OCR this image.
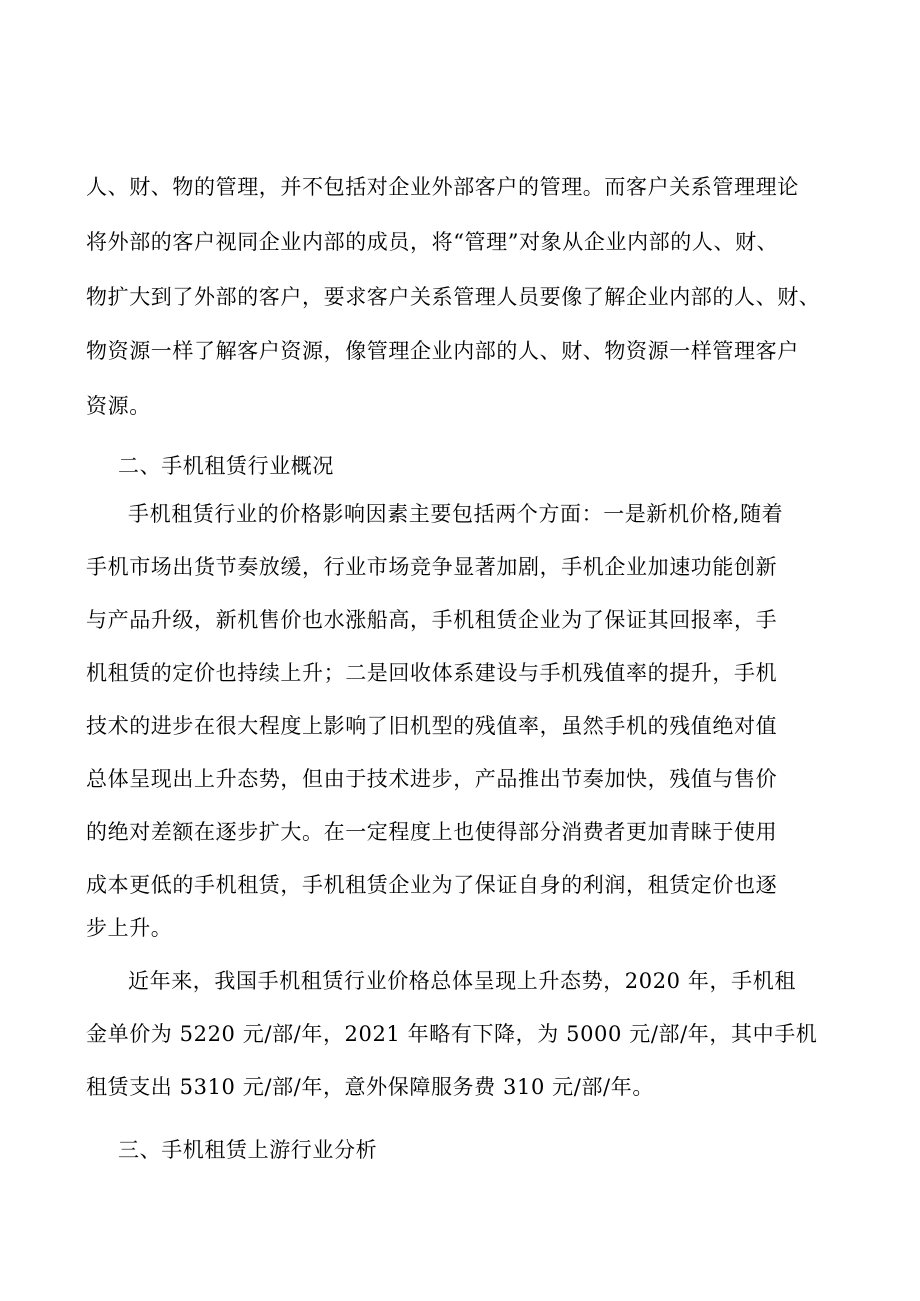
人、财、物的管理，并不包括对企业外部客户的管理。而客户关系管理理论
将外部的客户视同企业内部的成员，将“管理”对象从企业内部的人、财、
物扩大到了外部的客户，要求客户关系管理人员要像了解企业内部的人、财、
物资源一样了解客户资源，像管理企业内部的人、财、物资源一样管理客户
资源。
二、手机租赁行业概况
手机租赁行业的价格影响因素主要包括两个方面：一是新机价格,随着
手机市场出货节奏放缓，行业市场竞争显著加剧，手机企业加速功能创新
与产品升级，新机售价也水涨船高，手机租赁企业为了保证其回报率，手
机租赁的定价也持续上升；二是回收体系建设与手机残值率的提升，手机
技术的进步在很大程度上影响了旧机型的残值率，虽然手机的残值绝对值
总体呈现出上升态势，但由于技术进步，产品推出节奏加快，残值与售价
的绝对差额在逐步扩大。在一定程度上也使得部分消费者更加青睐于使用
成本更低的手机租赁，手机租赁企业为了保证自身的利润，租赁定价也逐
步上升。
近年来，我国手机租赁行业价格总体呈现上升态势，2020 年，手机租
金单价为 5220 元/部/年，2021 年略有下降，为 5000 元/部/年，其中手机
租赁支出 5310 元/部/年，意外保障服务费 310 元/部/年。
三、手机租赁上游行业分析
